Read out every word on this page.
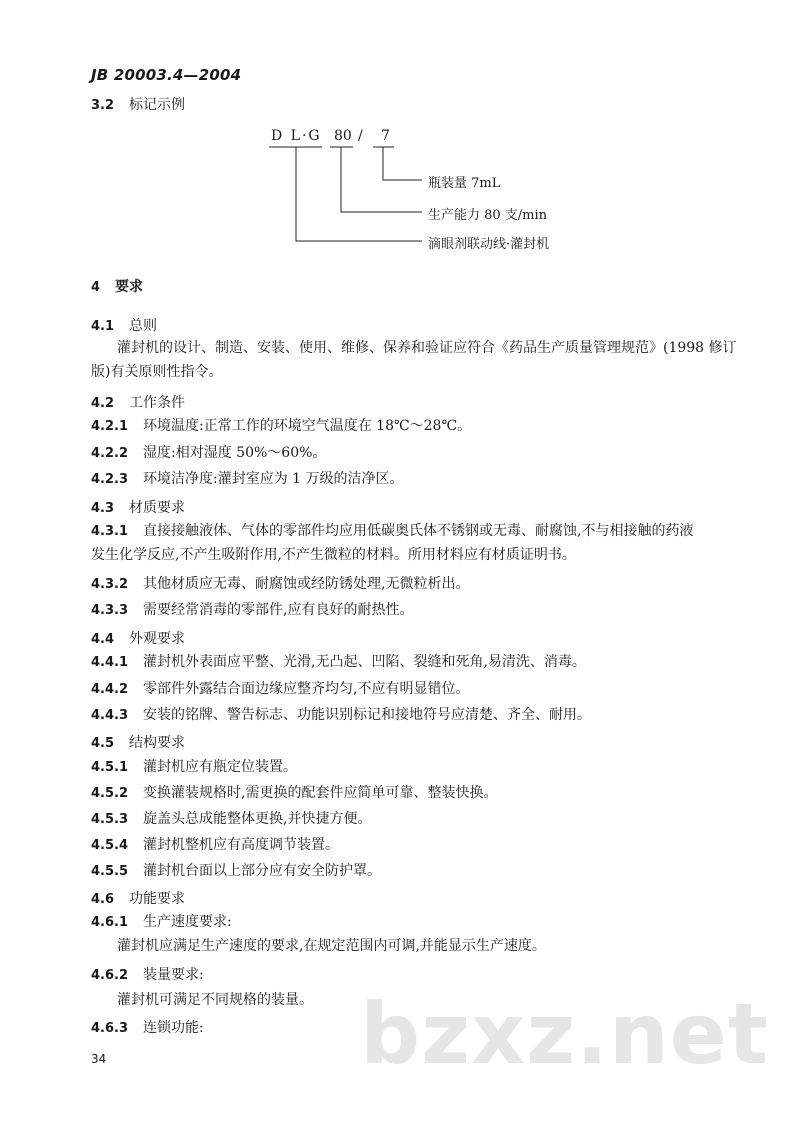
JB 20003.4—2004
3.2 标记示例
D L·G 80 / 7
瓶装量 7mL
生产能力 80 支/min
滴眼剂联动线·灌封机
4 要求
4.1 总则
灌封机的设计、制造、安装、使用、维修、保养和验证应符合《药品生产质量管理规范》(1998 修订
版)有关原则性指令。
4.2 工作条件
4.2.1 环境温度:正常工作的环境空气温度在 18℃～28℃。
4.2.2 湿度:相对湿度 50%～60%。
4.2.3 环境洁净度:灌封室应为 1 万级的洁净区。
4.3 材质要求
4.3.1 直接接触液体、气体的零部件均应用低碳奥氏体不锈钢或无毒、耐腐蚀,不与相接触的药液
发生化学反应,不产生吸附作用,不产生微粒的材料。所用材料应有材质证明书。
4.3.2 其他材质应无毒、耐腐蚀或经防锈处理,无微粒析出。
4.3.3 需要经常消毒的零部件,应有良好的耐热性。
4.4 外观要求
4.4.1 灌封机外表面应平整、光滑,无凸起、凹陷、裂缝和死角,易清洗、消毒。
4.4.2 零部件外露结合面边缘应整齐均匀,不应有明显错位。
4.4.3 安装的铭牌、警告标志、功能识别标记和接地符号应清楚、齐全、耐用。
4.5 结构要求
4.5.1 灌封机应有瓶定位装置。
4.5.2 变换灌装规格时,需更换的配套件应简单可靠、整装快换。
4.5.3 旋盖头总成能整体更换,并快捷方便。
4.5.4 灌封机整机应有高度调节装置。
4.5.5 灌封机台面以上部分应有安全防护罩。
4.6 功能要求
4.6.1 生产速度要求:
灌封机应满足生产速度的要求,在规定范围内可调,并能显示生产速度。
4.6.2 装量要求:
灌封机可满足不同规格的装量。
4.6.3 连锁功能: bzxz.net
34
